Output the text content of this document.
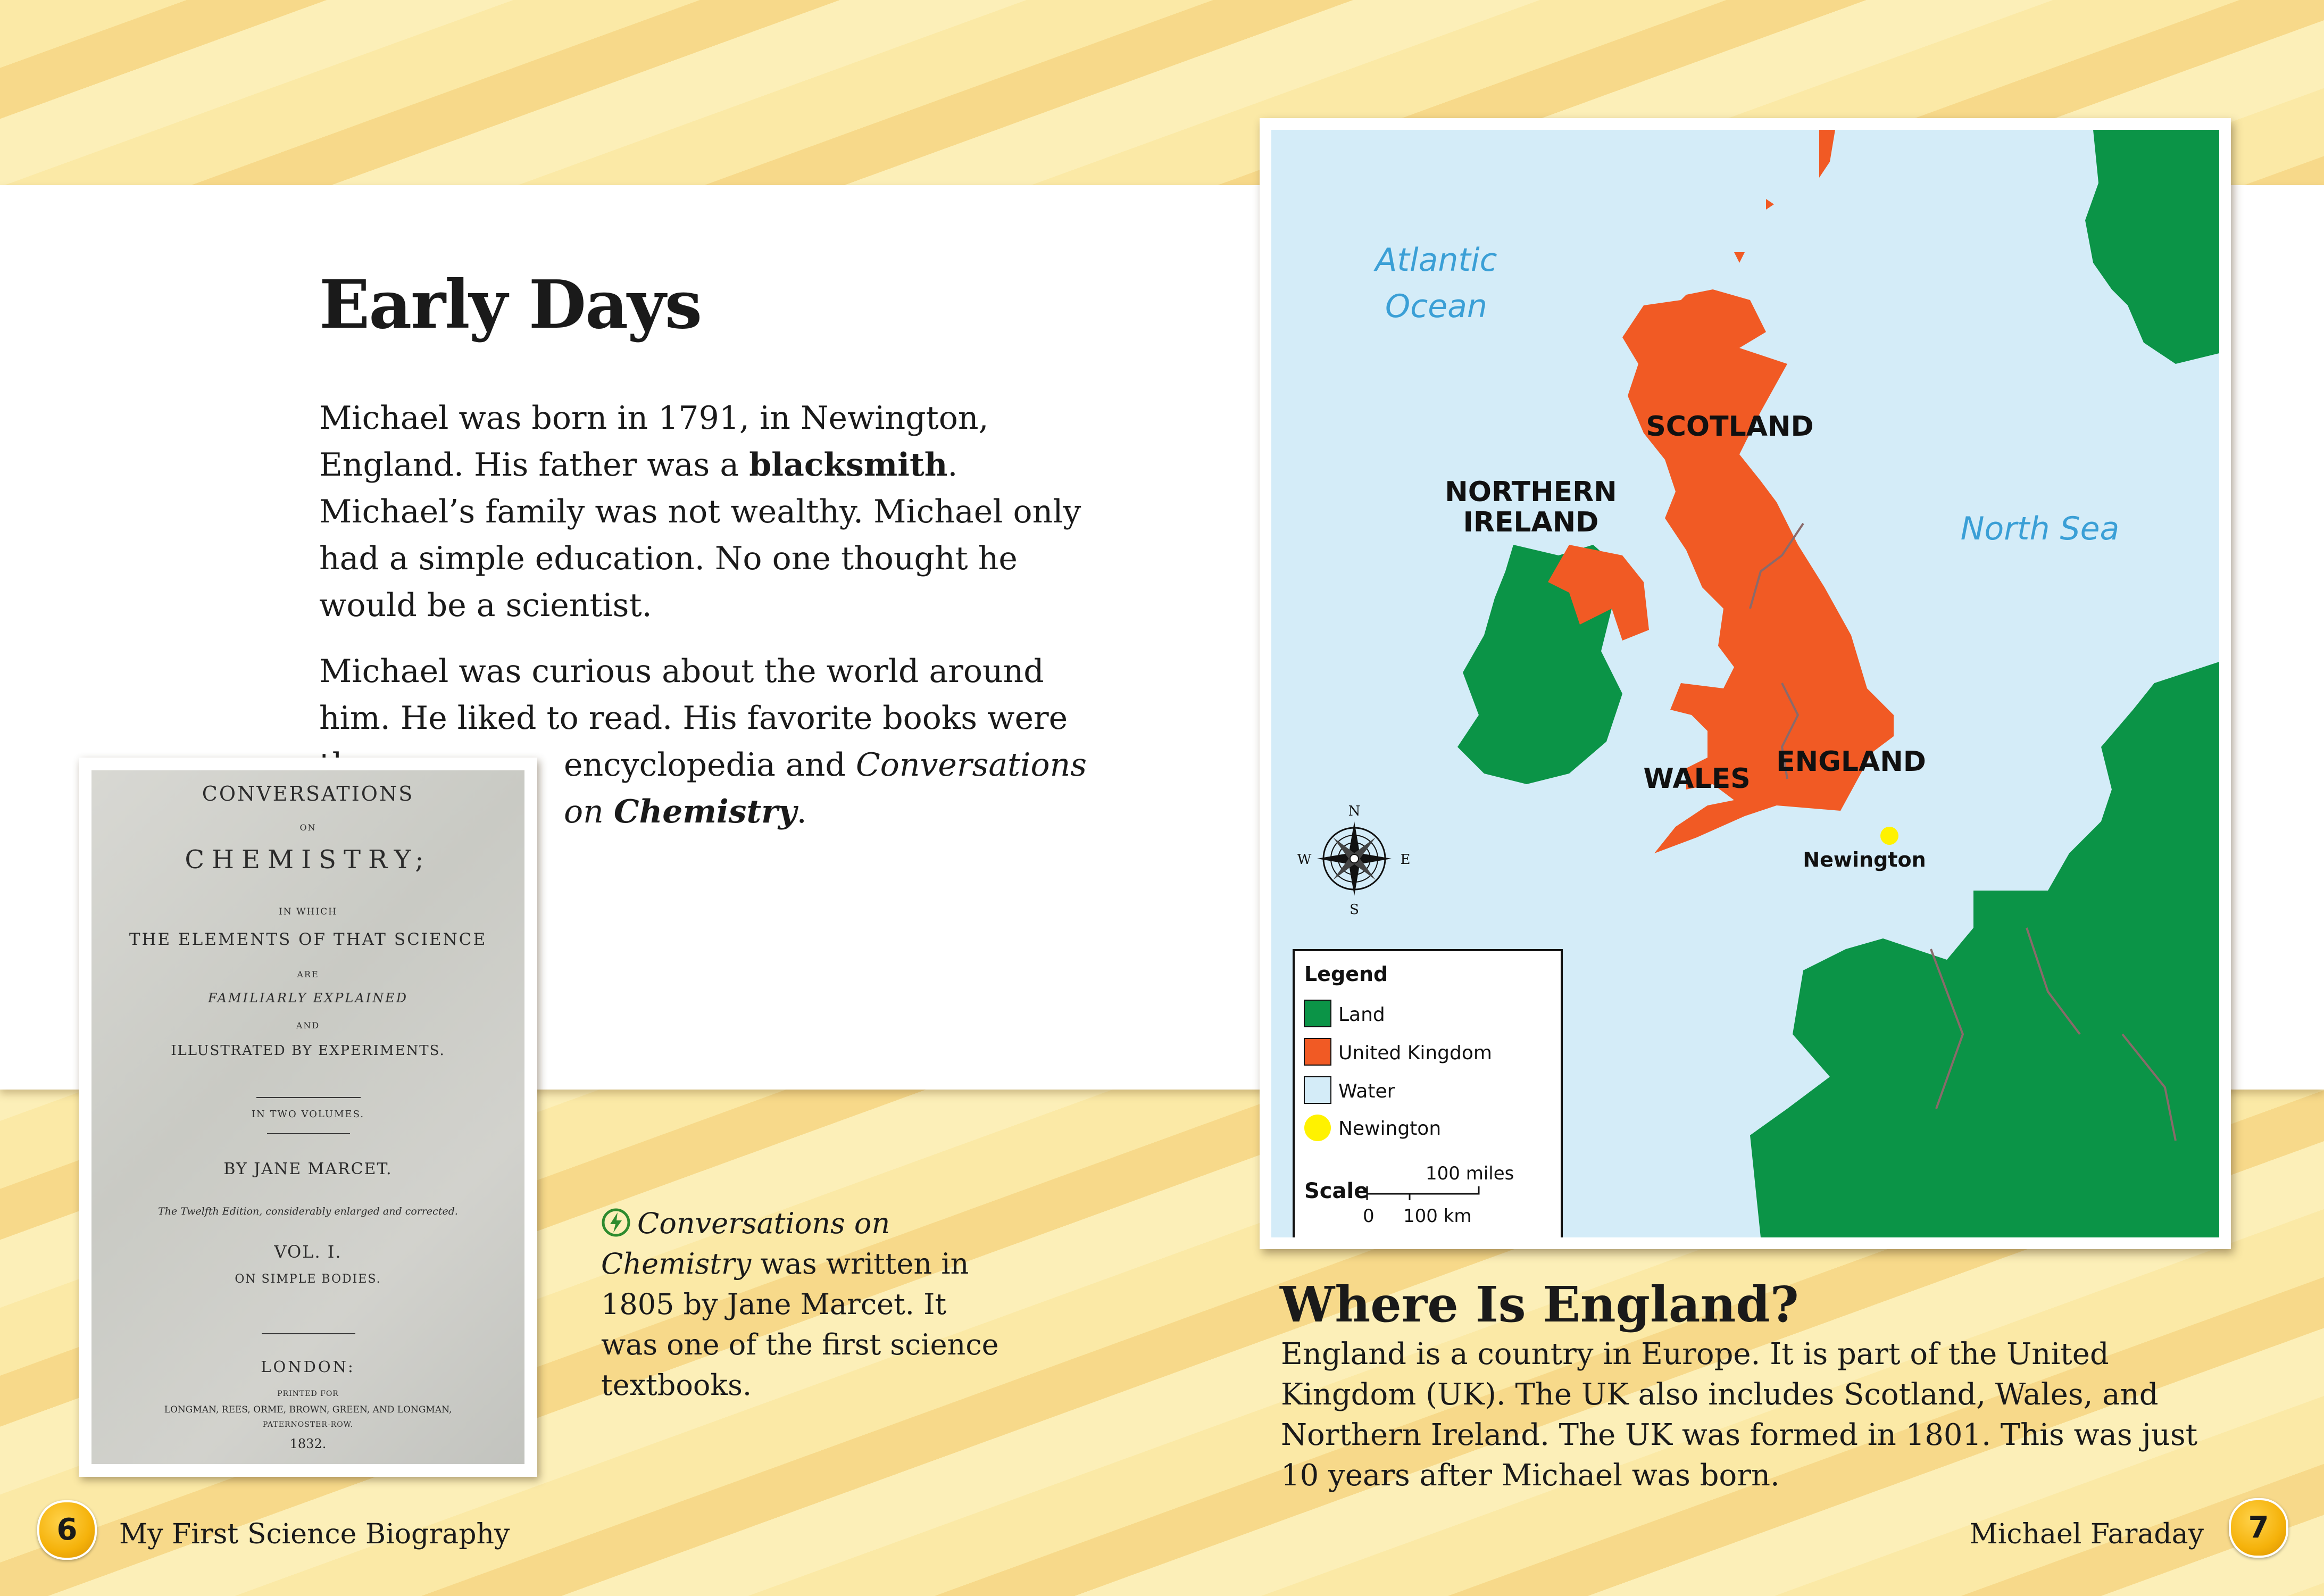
Early Days
Michael was born in 1791, in Newington, England. His father was a blacksmith. Michael’s family was not wealthy. Michael only had a simple education. No one thought he would be a scientist.
Michael was curious about the world around him. He liked to read. His favorite books were
encyclopedia and Conversations on Chemistry.
CONVERSATIONS
ON
CHEMISTRY;
IN WHICH
THE ELEMENTS OF THAT SCIENCE
ARE
FAMILIARLY EXPLAINED
AND
ILLUSTRATED BY EXPERIMENTS.
IN TWO VOLUMES.
BY JANE MARCET.
The Twelfth Edition, considerably enlarged and corrected.
VOL. I.
ON SIMPLE BODIES.
LONDON:
PRINTED FOR
LONGMAN, REES, ORME, BROWN, GREEN, AND LONGMAN,
PATERNOSTER-ROW.
1832.
Conversations on Chemistry was written in 1805 by Jane Marcet. It was one of the first science textbooks.
Atlantic
Ocean
North Sea
SCOTLAND
NORTHERN
IRELAND
WALES
ENGLAND
Newington
N
S
E
W
Legend
Land
United Kingdom
Water
Newington
Scale
100 miles
0 100 km
Where Is England?
England is a country in Europe. It is part of the United Kingdom (UK). The UK also includes Scotland, Wales, and Northern Ireland. The UK was formed in 1801. This was just 10 years after Michael was born.
6	My First Science Biography	Michael Faraday	7
